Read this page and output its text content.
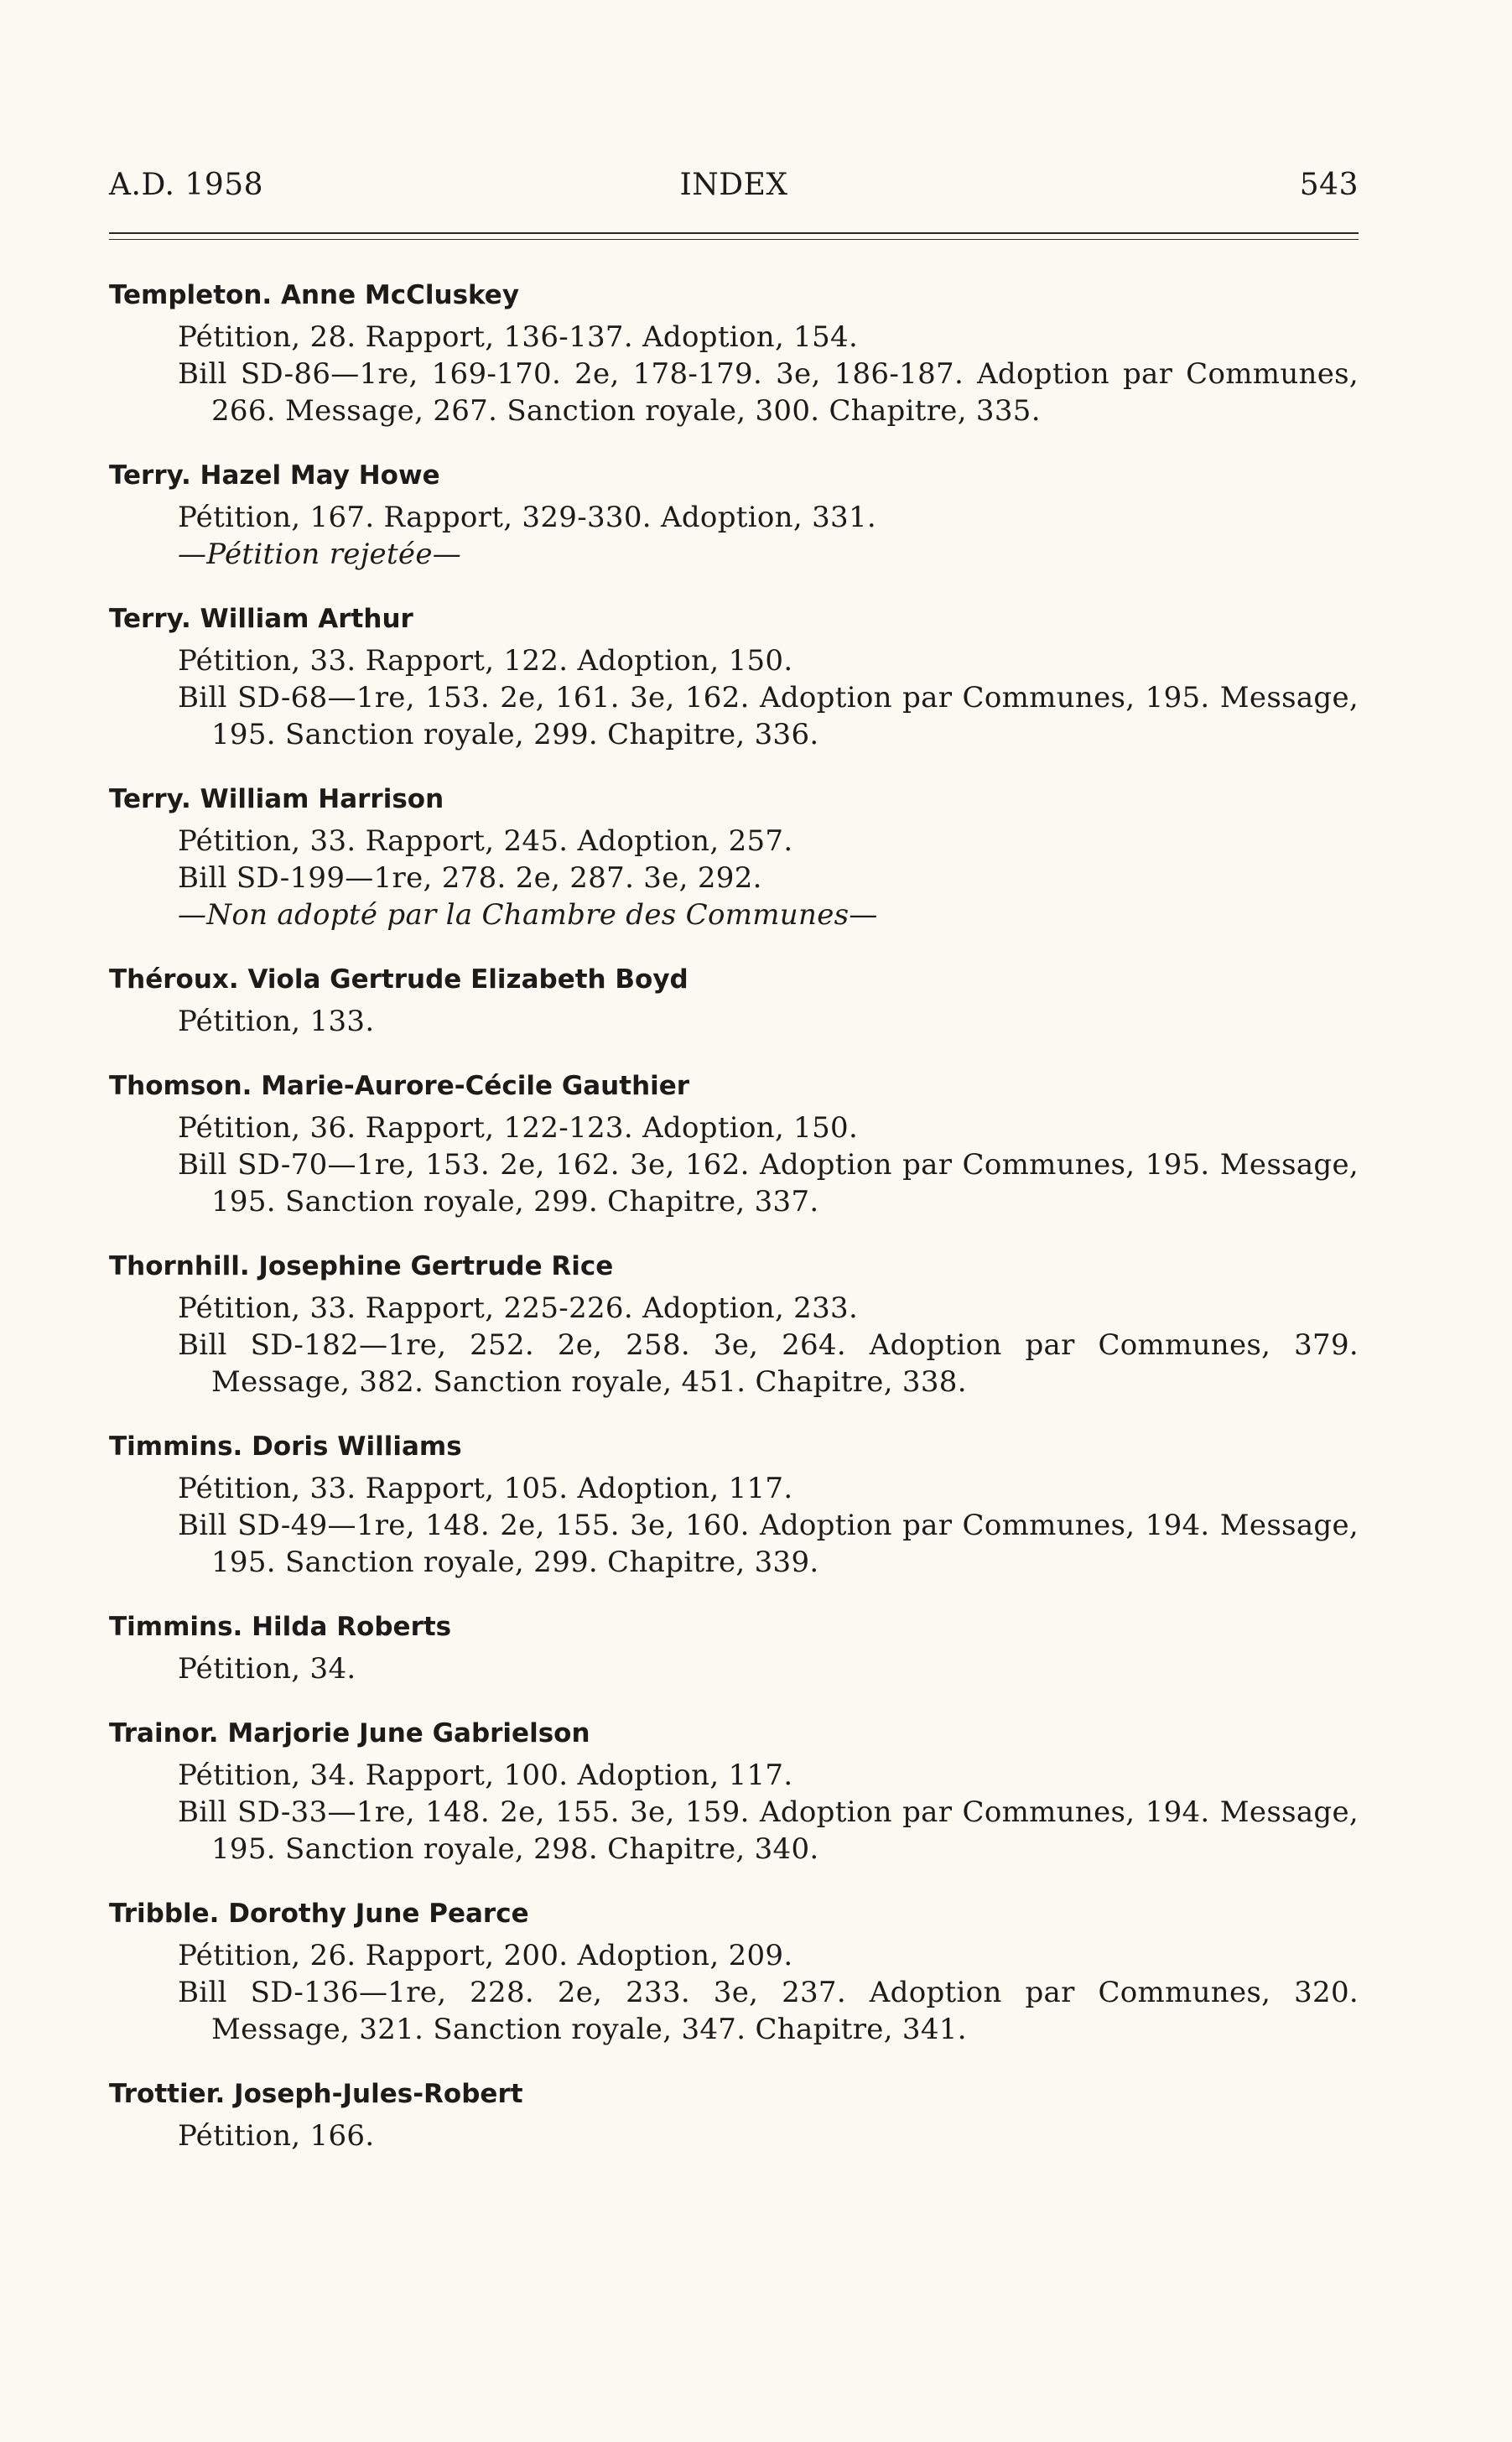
A.D. 1958	INDEX	543
Templeton. Anne McCluskey
Pétition, 28. Rapport, 136-137. Adoption, 154.
Bill SD-86—1re, 169-170. 2e, 178-179. 3e, 186-187. Adoption par Communes, 266. Message, 267. Sanction royale, 300. Chapitre, 335.
Terry. Hazel May Howe
Pétition, 167. Rapport, 329-330. Adoption, 331.
—Pétition rejetée—
Terry. William Arthur
Pétition, 33. Rapport, 122. Adoption, 150.
Bill SD-68—1re, 153. 2e, 161. 3e, 162. Adoption par Communes, 195. Message, 195. Sanction royale, 299. Chapitre, 336.
Terry. William Harrison
Pétition, 33. Rapport, 245. Adoption, 257.
Bill SD-199—1re, 278. 2e, 287. 3e, 292.
—Non adopté par la Chambre des Communes—
Théroux. Viola Gertrude Elizabeth Boyd
Pétition, 133.
Thomson. Marie-Aurore-Cécile Gauthier
Pétition, 36. Rapport, 122-123. Adoption, 150.
Bill SD-70—1re, 153. 2e, 162. 3e, 162. Adoption par Communes, 195. Message, 195. Sanction royale, 299. Chapitre, 337.
Thornhill. Josephine Gertrude Rice
Pétition, 33. Rapport, 225-226. Adoption, 233.
Bill SD-182—1re, 252. 2e, 258. 3e, 264. Adoption par Communes, 379. Message, 382. Sanction royale, 451. Chapitre, 338.
Timmins. Doris Williams
Pétition, 33. Rapport, 105. Adoption, 117.
Bill SD-49—1re, 148. 2e, 155. 3e, 160. Adoption par Communes, 194. Message, 195. Sanction royale, 299. Chapitre, 339.
Timmins. Hilda Roberts
Pétition, 34.
Trainor. Marjorie June Gabrielson
Pétition, 34. Rapport, 100. Adoption, 117.
Bill SD-33—1re, 148. 2e, 155. 3e, 159. Adoption par Communes, 194. Message, 195. Sanction royale, 298. Chapitre, 340.
Tribble. Dorothy June Pearce
Pétition, 26. Rapport, 200. Adoption, 209.
Bill SD-136—1re, 228. 2e, 233. 3e, 237. Adoption par Communes, 320. Message, 321. Sanction royale, 347. Chapitre, 341.
Trottier. Joseph-Jules-Robert
Pétition, 166.
